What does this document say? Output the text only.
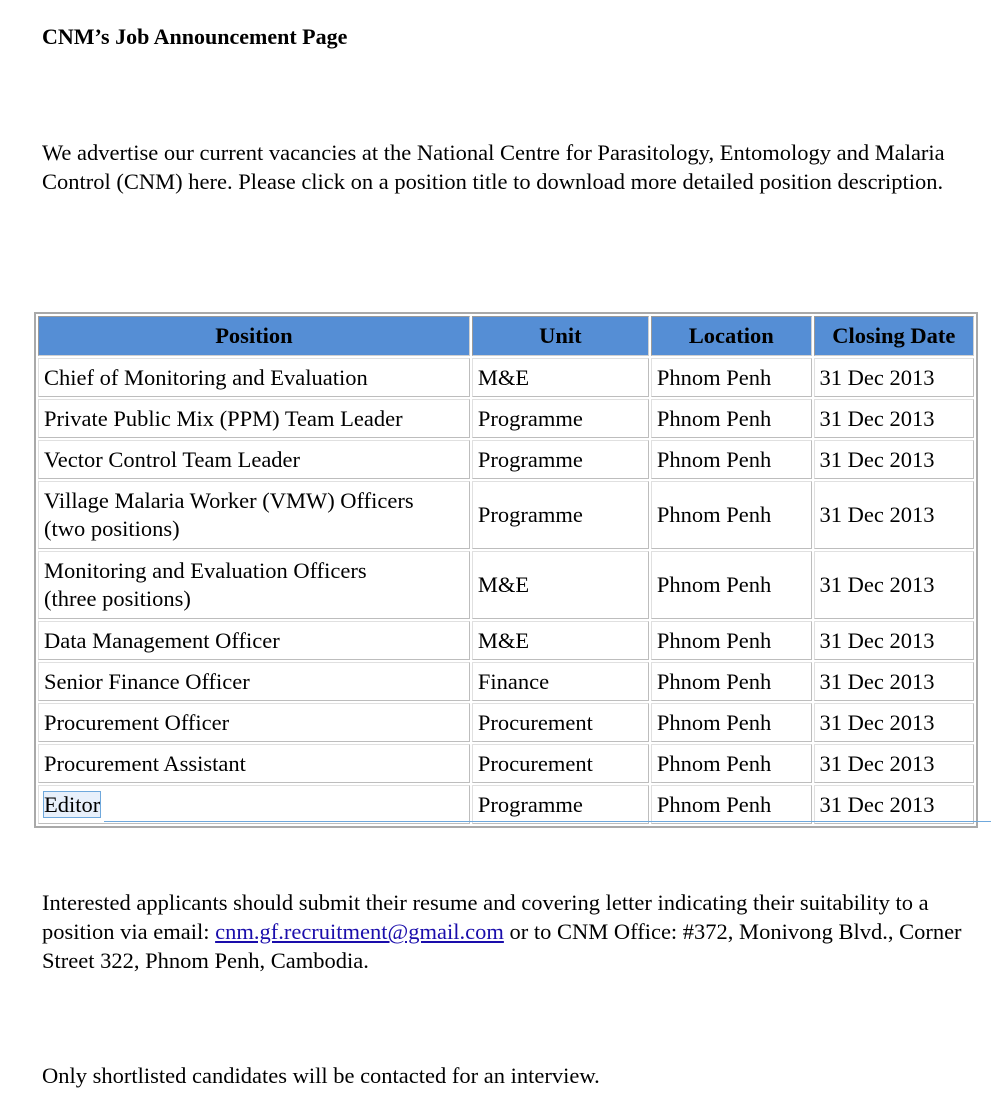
CNM’s Job Announcement Page

We advertise our current vacancies at the National Centre for Parasitology, Entomology and Malaria Control (CNM) here. Please click on a position title to download more detailed position description.

Position	Unit	Location	Closing Date
Chief of Monitoring and Evaluation	M&E	Phnom Penh	31 Dec 2013
Private Public Mix (PPM) Team Leader	Programme	Phnom Penh	31 Dec 2013
Vector Control Team Leader	Programme	Phnom Penh	31 Dec 2013
Village Malaria Worker (VMW) Officers
(two positions)	Programme	Phnom Penh	31 Dec 2013
Monitoring and Evaluation Officers
(three positions)	M&E	Phnom Penh	31 Dec 2013
Data Management Officer	M&E	Phnom Penh	31 Dec 2013
Senior Finance Officer	Finance	Phnom Penh	31 Dec 2013
Procurement Officer	Procurement	Phnom Penh	31 Dec 2013
Procurement Assistant	Procurement	Phnom Penh	31 Dec 2013
Editor	Programme	Phnom Penh	31 Dec 2013

Interested applicants should submit their resume and covering letter indicating their suitability to a position via email: cnm.gf.recruitment@gmail.com or to CNM Office: #372, Monivong Blvd., Corner Street 322, Phnom Penh, Cambodia.

Only shortlisted candidates will be contacted for an interview.
